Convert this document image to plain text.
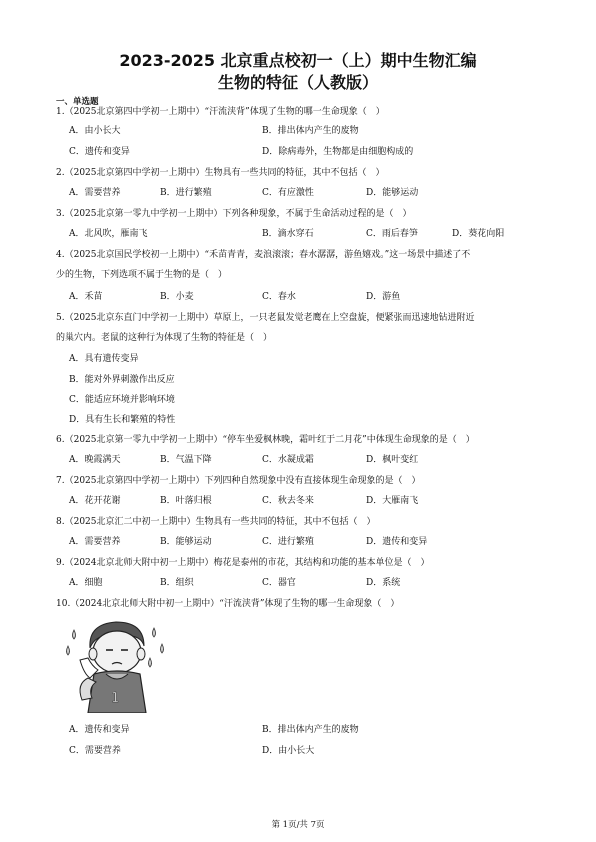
2023-2025 北京重点校初一（上）期中生物汇编
生物的特征（人教版）
一、单选题
1.（2025北京第四中学初一上期中）“汗流浃背”体现了生物的哪一生命现象（　）
A．由小长大	B．排出体内产生的废物
C．遗传和变异	D．除病毒外，生物都是由细胞构成的
2.（2025北京第四中学初一上期中）生物具有一些共同的特征，其中不包括（　）
A．需要营养	B．进行繁殖	C．有应激性	D．能够运动
3.（2025北京第一零九中学初一上期中）下列各种现象，不属于生命活动过程的是（　）
A．北风吹，雁南飞	B．滴水穿石	C．雨后春笋	D．葵花向阳
4.（2025北京国民学校初一上期中）“禾苗青青，麦浪滚滚；春水潺潺，游鱼嬉戏。”这一场景中描述了不
少的生物，下列选项不属于生物的是（　）
A．禾苗	B．小麦	C．春水	D．游鱼
5.（2025北京东直门中学初一上期中）草原上，一只老鼠发觉老鹰在上空盘旋，便紧张而迅速地钻进附近
的巢穴内。老鼠的这种行为体现了生物的特征是（　）
A．具有遗传变异
B．能对外界刺激作出反应
C．能适应环境并影响环境
D．具有生长和繁殖的特性
6.（2025北京第一零九中学初一上期中）“停车坐爱枫林晚，霜叶红于二月花”中体现生命现象的是（　）
A．晚霞满天	B．气温下降	C．水凝成霜	D．枫叶变红
7.（2025北京第四中学初一上期中）下列四种自然现象中没有直接体现生命现象的是（　）
A．花开花谢	B．叶落归根	C．秋去冬来	D．大雁南飞
8.（2025北京汇二中初一上期中）生物具有一些共同的特征，其中不包括（　）
A．需要营养	B．能够运动	C．进行繁殖	D．遗传和变异
9.（2024北京北师大附中初一上期中）梅花是泰州的市花，其结构和功能的基本单位是（　）
A．细胞	B．组织	C．器官	D．系统
10.（2024北京北师大附中初一上期中）“汗流浃背”体现了生物的哪一生命现象（　）
1
A．遗传和变异	B．排出体内产生的废物
C．需要营养	D．由小长大
第 1页/共 7页
